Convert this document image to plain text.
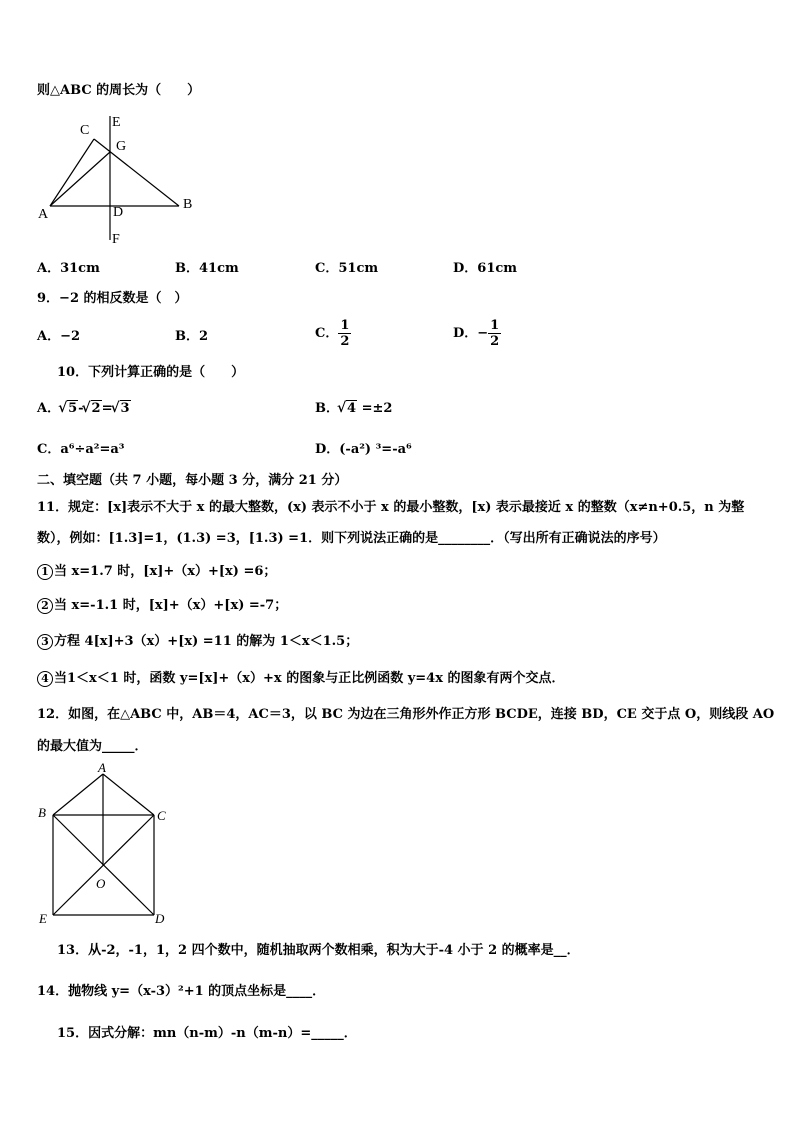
则△ABC 的周长为（　　）
C
E
G
A	D
B
F
A．31cm	B．41cm	C．51cm	D．61cm
9．−2 的相反数是（　）
A．−2	B．2	C． $\frac{1}{2}$	D．− $\frac{1}{2}$
10．下列计算正确的是（　　）
A． √ 5- √ 2= √ 3	B． √ 4 =±2
C．a⁶÷a²=a³	D．(-a²) ³=-a⁶
二、填空题（共 7 小题，每小题 3 分，满分 21 分）
11．规定：[x]表示不大于 x 的最大整数，(x) 表示不小于 x 的最小整数，[x) 表示最接近 x 的整数（x≠n+0.5，n 为整
数），例如：[1.3]=1，(1.3) =3，[1.3) =1．则下列说法正确的是________．（写出所有正确说法的序号）
1 当 x=1.7 时，[x]+（x）+[x) =6；
2 当 x=-1.1 时，[x]+（x）+[x) =-7；
3 方程 4[x]+3（x）+[x) =11 的解为 1＜x＜1.5；
4 当1＜x＜1 时，函数 y=[x]+（x）+x 的图象与正比例函数 y=4x 的图象有两个交点．
12．如图，在△ABC 中，AB＝4，AC＝3，以 BC 为边在三角形外作正方形 BCDE，连接 BD，CE 交于点 O，则线段 AO
的最大值为_____．
A
B	C
O
E	D
13．从-2，-1，1，2 四个数中，随机抽取两个数相乘，积为大于-4 小于 2 的概率是__．
14．抛物线 y=（x-3）²+1 的顶点坐标是____．
15．因式分解：mn（n-m）-n（m-n）=_____．
